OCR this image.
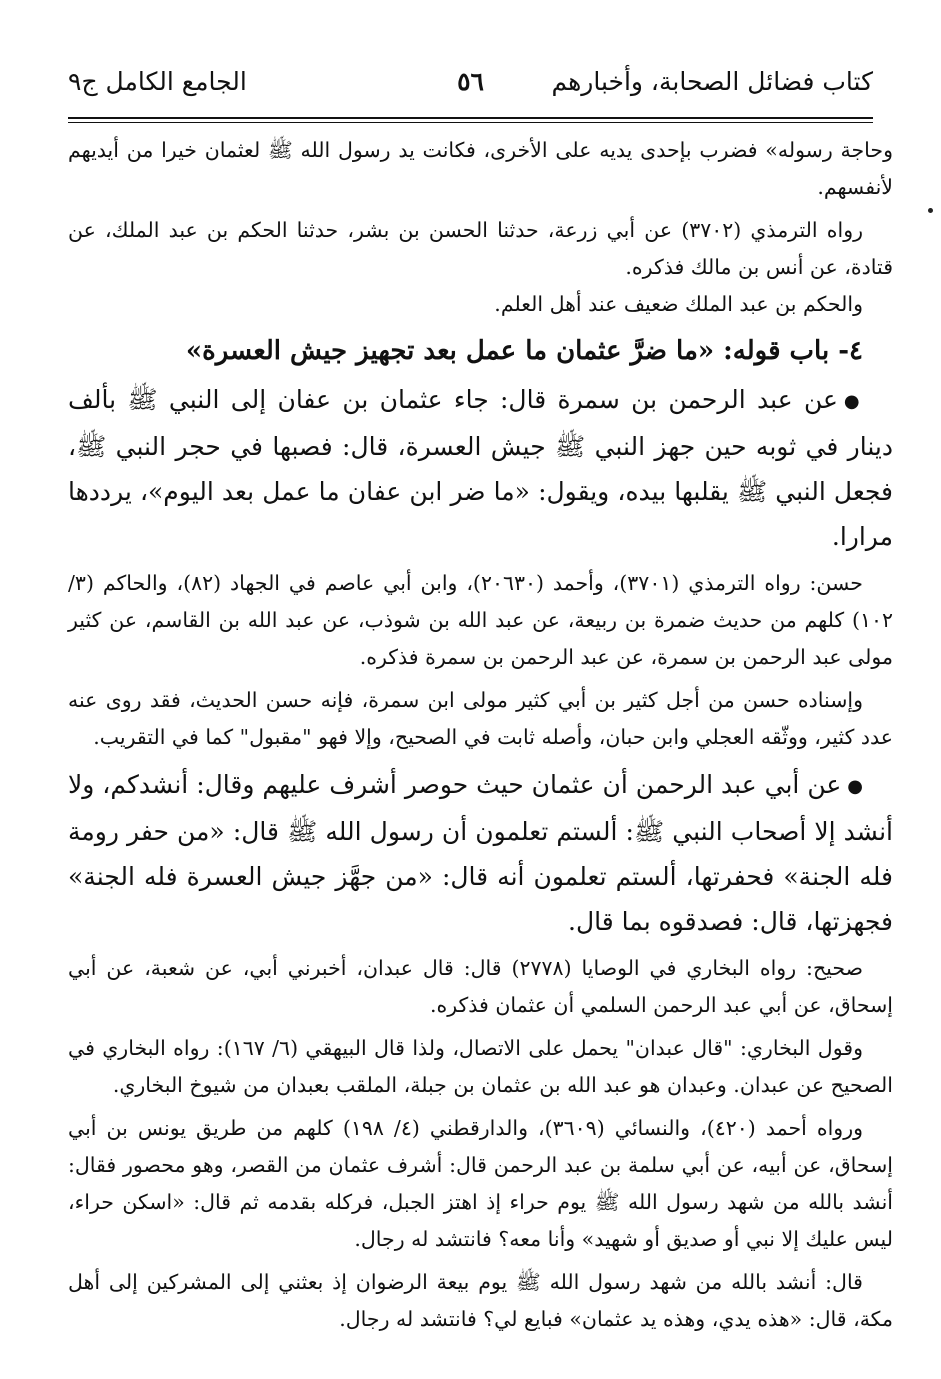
كتاب فضائل الصحابة، وأخبارهم
٥٦
الجامع الكامل ج٩

وحاجة رسوله» فضرب بإحدى يديه على الأخرى، فكانت يد رسول الله ﷺ لعثمان خيرا من أيديهم لأنفسهم.

رواه الترمذي (٣٧٠٢) عن أبي زرعة، حدثنا الحسن بن بشر، حدثنا الحكم بن عبد الملك، عن قتادة، عن أنس بن مالك فذكره.

والحكم بن عبد الملك ضعيف عند أهل العلم.

٤- باب قوله: «ما ضرَّ عثمان ما عمل بعد تجهيز جيش العسرة»

●عن عبد الرحمن بن سمرة قال: جاء عثمان بن عفان إلى النبي ﷺ بألف دينار في ثوبه حين جهز النبي ﷺ جيش العسرة، قال: فصبها في حجر النبي ﷺ، فجعل النبي ﷺ يقلبها بيده، ويقول: «ما ضر ابن عفان ما عمل بعد اليوم»، يرددها مرارا.

حسن: رواه الترمذي (٣٧٠١)، وأحمد (٢٠٦٣٠)، وابن أبي عاصم في الجهاد (٨٢)، والحاكم (٣/ ١٠٢) كلهم من حديث ضمرة بن ربيعة، عن عبد الله بن شوذب، عن عبد الله بن القاسم، عن كثير مولى عبد الرحمن بن سمرة، عن عبد الرحمن بن سمرة فذكره.

وإسناده حسن من أجل كثير بن أبي كثير مولى ابن سمرة، فإنه حسن الحديث، فقد روى عنه عدد كثير، ووثّقه العجلي وابن حبان، وأصله ثابت في الصحيح، وإلا فهو "مقبول" كما في التقريب.

●عن أبي عبد الرحمن أن عثمان حيث حوصر أشرف عليهم وقال: أنشدكم، ولا أنشد إلا أصحاب النبي ﷺ: ألستم تعلمون أن رسول الله ﷺ قال: «من حفر رومة فله الجنة» فحفرتها، ألستم تعلمون أنه قال: «من جهَّز جيش العسرة فله الجنة» فجهزتها، قال: فصدقوه بما قال.

صحيح: رواه البخاري في الوصايا (٢٧٧٨) قال: قال عبدان، أخبرني أبي، عن شعبة، عن أبي إسحاق، عن أبي عبد الرحمن السلمي أن عثمان فذكره.

وقول البخاري: "قال عبدان" يحمل على الاتصال، ولذا قال البيهقي (٦/ ١٦٧): رواه البخاري في الصحيح عن عبدان. وعبدان هو عبد الله بن عثمان بن جبلة، الملقب بعبدان من شيوخ البخاري.

ورواه أحمد (٤٢٠)، والنسائي (٣٦٠٩)، والدارقطني (٤/ ١٩٨) كلهم من طريق يونس بن أبي إسحاق، عن أبيه، عن أبي سلمة بن عبد الرحمن قال: أشرف عثمان من القصر، وهو محصور فقال: أنشد بالله من شهد رسول الله ﷺ يوم حراء إذ اهتز الجبل، فركله بقدمه ثم قال: «اسكن حراء، ليس عليك إلا نبي أو صديق أو شهيد» وأنا معه؟ فانتشد له رجال.

قال: أنشد بالله من شهد رسول الله ﷺ يوم بيعة الرضوان إذ بعثني إلى المشركين إلى أهل مكة، قال: «هذه يدي، وهذه يد عثمان» فبايع لي؟ فانتشد له رجال.
